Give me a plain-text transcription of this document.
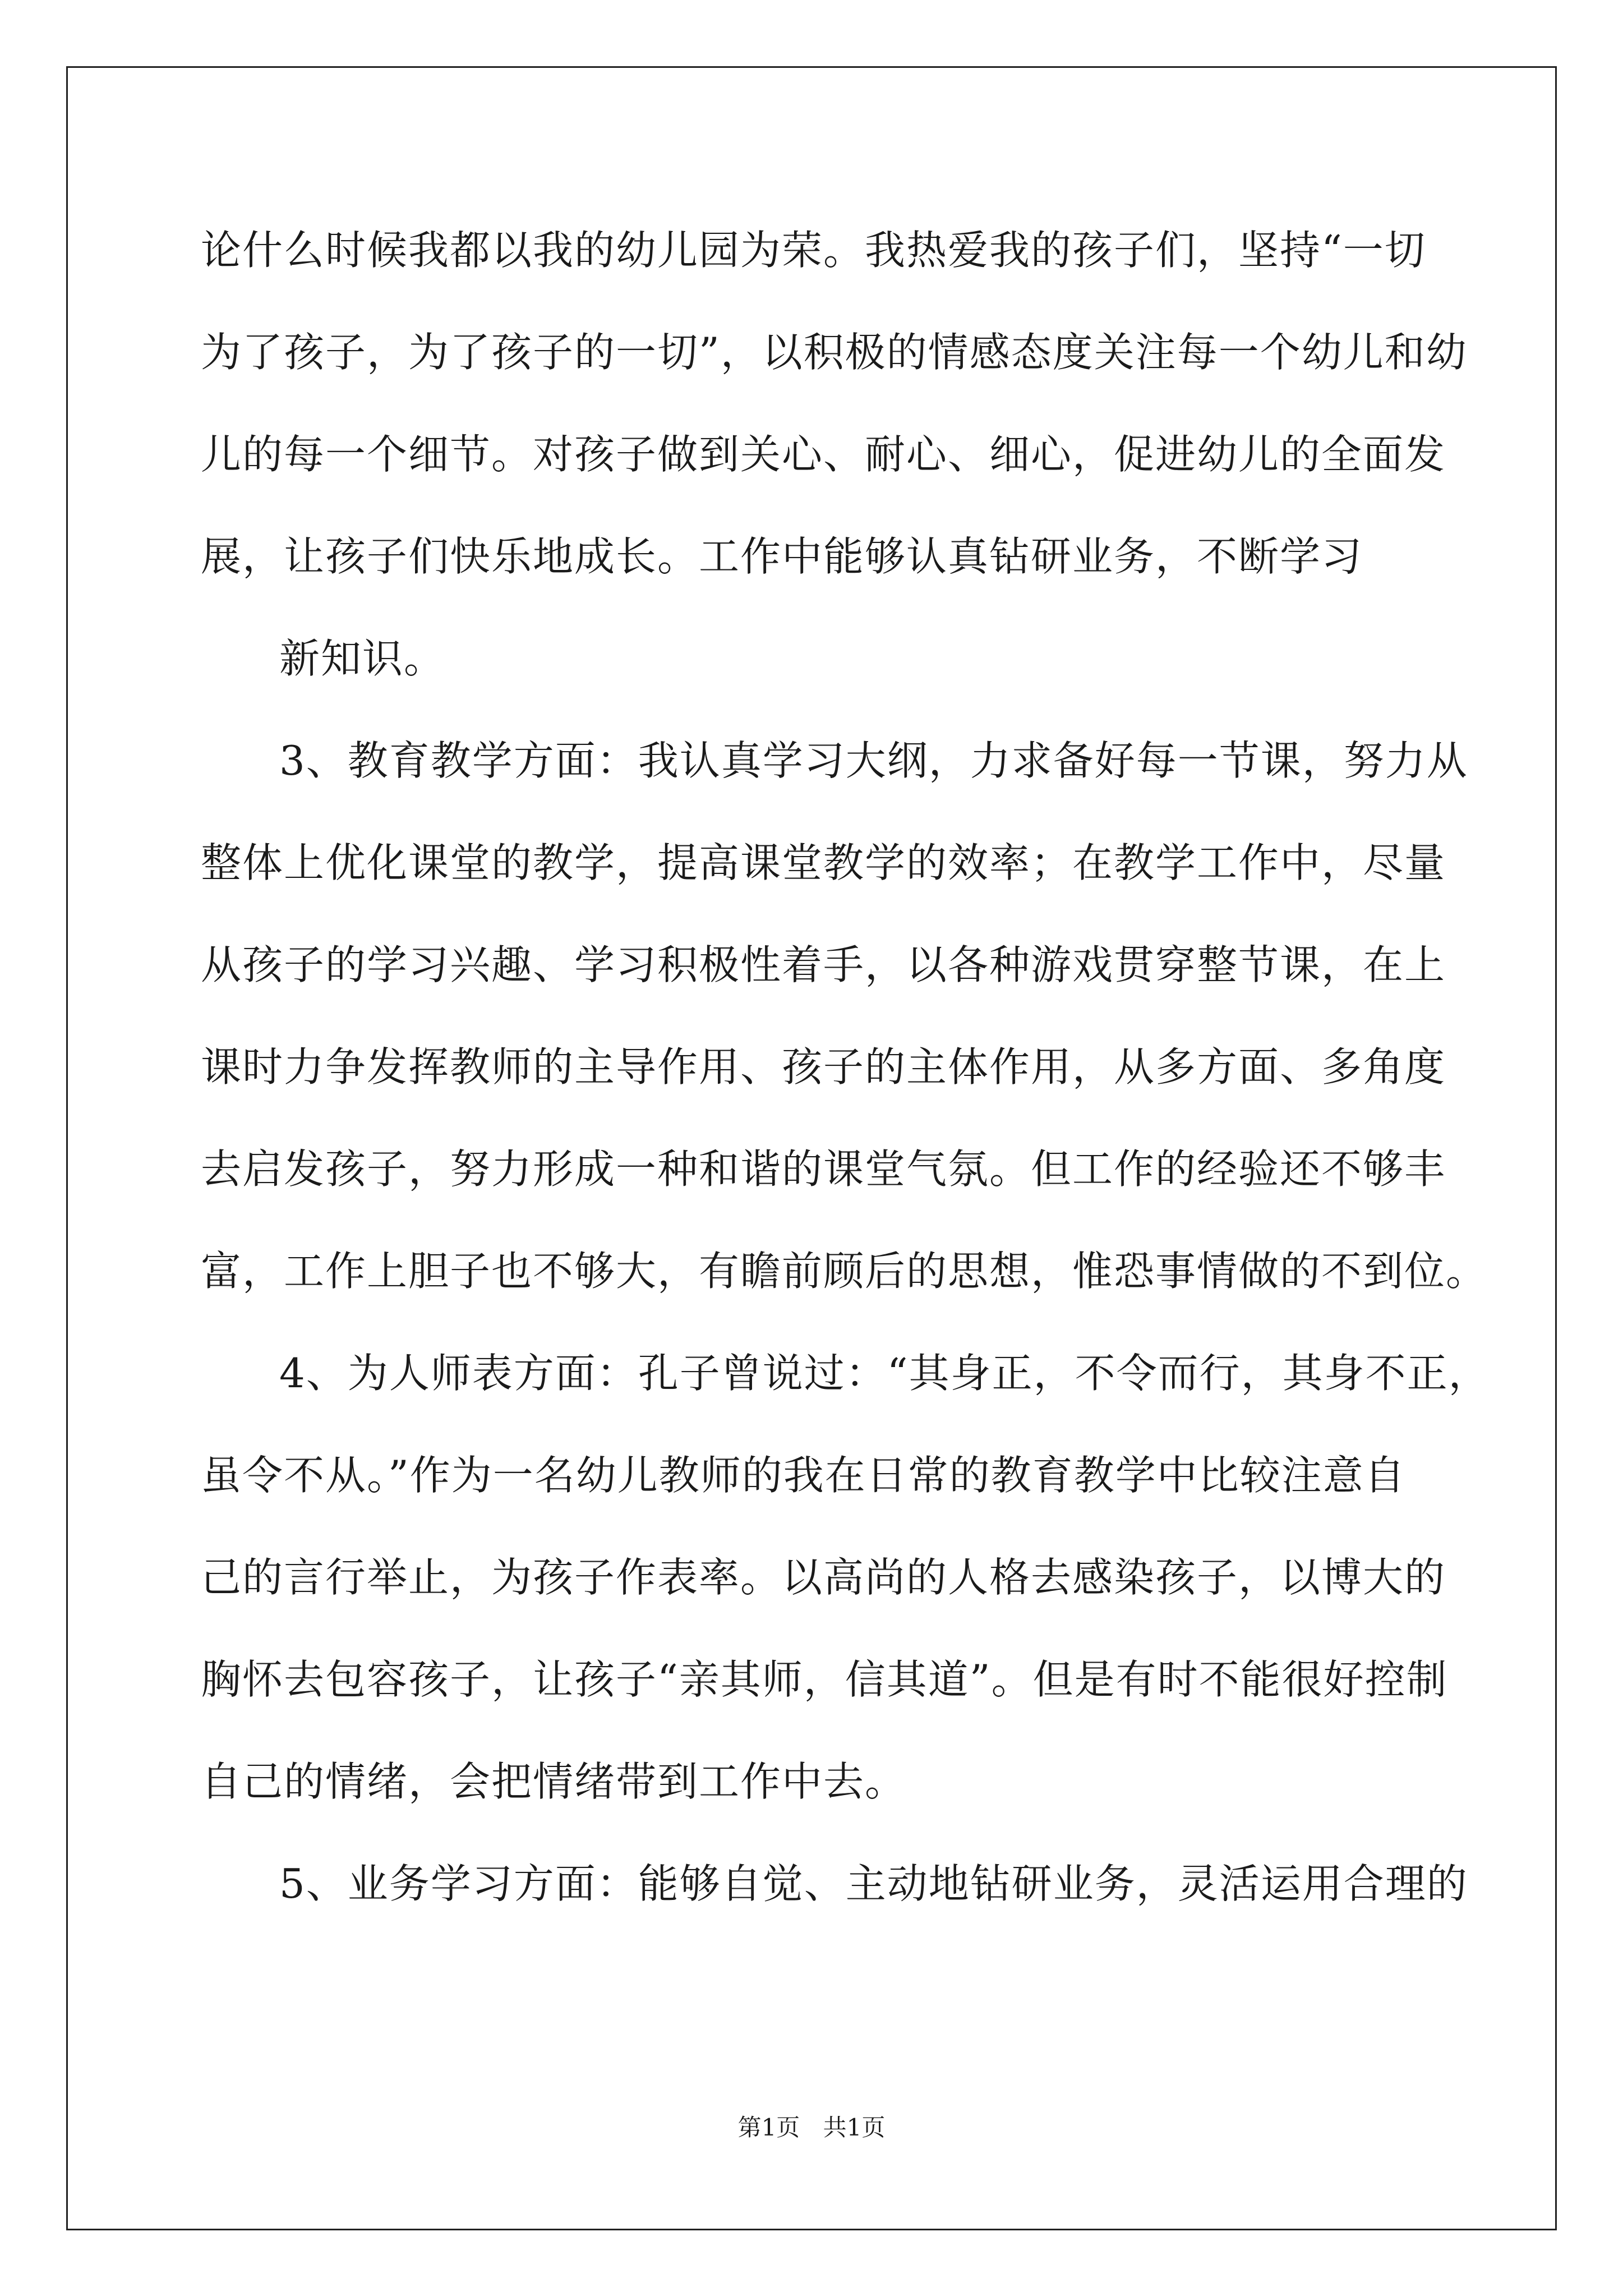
论什么时候我都以我的幼儿园为荣。我热爱我的孩子们，坚持“一切
为了孩子，为了孩子的一切”，以积极的情感态度关注每一个幼儿和幼
儿的每一个细节。对孩子做到关心、耐心、细心，促进幼儿的全面发
展，让孩子们快乐地成长。工作中能够认真钻研业务，不断学习
新知识。
3、教育教学方面：我认真学习大纲，力求备好每一节课，努力从
整体上优化课堂的教学，提高课堂教学的效率；在教学工作中，尽量
从孩子的学习兴趣、学习积极性着手，以各种游戏贯穿整节课，在上
课时力争发挥教师的主导作用、孩子的主体作用，从多方面、多角度
去启发孩子，努力形成一种和谐的课堂气氛。但工作的经验还不够丰
富，工作上胆子也不够大，有瞻前顾后的思想，惟恐事情做的不到位。
4、为人师表方面：孔子曾说过：“其身正，不令而行，其身不正，
虽令不从。”作为一名幼儿教师的我在日常的教育教学中比较注意自
己的言行举止，为孩子作表率。以高尚的人格去感染孩子，以博大的
胸怀去包容孩子，让孩子“亲其师，信其道”。但是有时不能很好控制
自己的情绪，会把情绪带到工作中去。
5、业务学习方面：能够自觉、主动地钻研业务，灵活运用合理的
第1页 共1页
